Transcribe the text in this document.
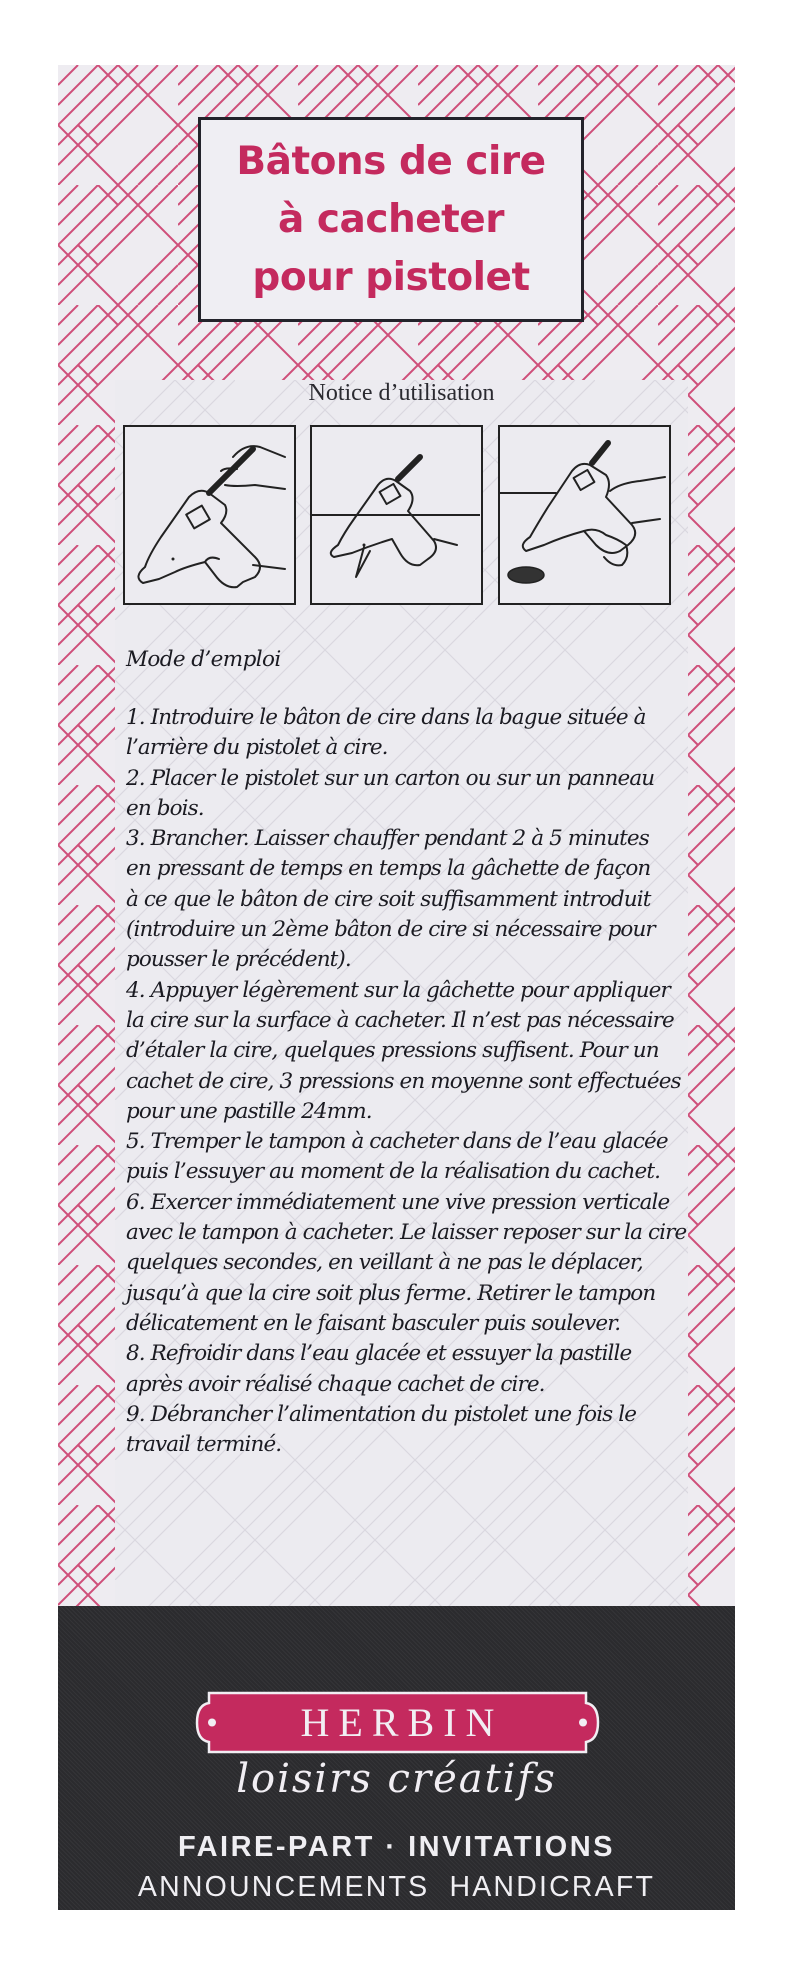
Notice d’utilisation
Mode d’emploi
1. Introduire le bâton de cire dans la bague située à
l’arrière du pistolet à cire.
2. Placer le pistolet sur un carton ou sur un panneau
en bois.
3. Brancher. Laisser chauffer pendant 2 à 5 minutes
en pressant de temps en temps la gâchette de façon
à ce que le bâton de cire soit suffisamment introduit
(introduire un 2ème bâton de cire si nécessaire pour
pousser le précédent).
4. Appuyer légèrement sur la gâchette pour appliquer
la cire sur la surface à cacheter. Il n’est pas nécessaire
d’étaler la cire, quelques pressions suffisent. Pour un
cachet de cire, 3 pressions en moyenne sont effectuées
pour une pastille 24mm.
5. Tremper le tampon à cacheter dans de l’eau glacée
puis l’essuyer au moment de la réalisation du cachet.
6. Exercer immédiatement une vive pression verticale
avec le tampon à cacheter. Le laisser reposer sur la cire
quelques secondes, en veillant à ne pas le déplacer,
jusqu’à que la cire soit plus ferme. Retirer le tampon
délicatement en le faisant basculer puis soulever.
8. Refroidir dans l’eau glacée et essuyer la pastille
après avoir réalisé chaque cachet de cire.
9. Débrancher l’alimentation du pistolet une fois le
travail terminé.
Bâtons de cire
à cacheter
pour pistolet
HERBIN
loisirs créatifs
FAIRE-PART · INVITATIONS
ANNOUNCEMENTS HANDICRAFT
